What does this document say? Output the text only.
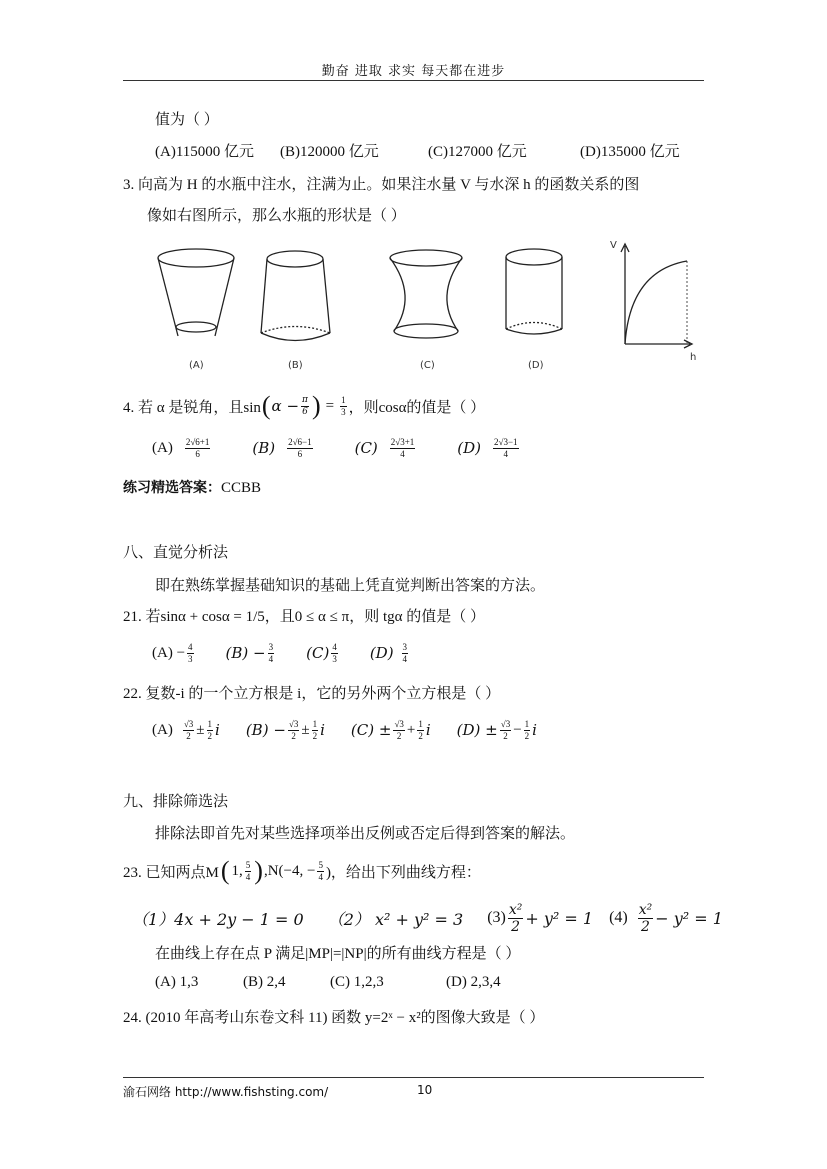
勤奋 进取 求实 每天都在进步
值为（ ）
(A)115000 亿元 (B)120000 亿元	(C)127000 亿元	(D)135000 亿元
3. 向高为 H 的水瓶中注水，注满为止。如果注水量 V 与水深 h 的函数关系的图
像如右图所示，那么水瓶的形状是（ ）
(A)	(B)	(C)	(D)
V
h
4. 若 α 是锐角，且sin ( $\alpha - \frac{\pi}{6}$ ) = $\frac{1}{3}$ ，则cosα的值是（ ）
$(A) \frac{2√6+1}{6}$	$(B) \frac{2√6-1}{6}$	$(C) \frac{2√3+1}{4}$	$(D) \frac{2√3-1}{4}$
练习精选答案：CCBB
八、直觉分析法
即在熟练掌握基础知识的基础上凭直觉判断出答案的方法。
21. 若sinα + cosα = 1/5，且0 ≤ α ≤ π，则 tgα 的值是（ ）
$(A) - \frac{4}{3} (B) - \frac{3}{4} (C) \frac{4}{3} (D) \frac{3}{4}$
22. 复数-i 的一个立方根是 i，它的另外两个立方根是（ ）
$(A) \frac{√3}{2} \pm \frac{1}{2}$ i $(B) - \frac{√3}{2} \pm \frac{1}{2}$ i $(C) \pm \frac{√3}{2} + \frac{1}{2}$ i $(D) \pm \frac{√3}{2} - \frac{1}{2}$ i
九、排除筛选法
排除法即首先对某些选择项举出反例或否定后得到答案的解法。
23. 已知两点M ( 1, $\frac{5}{4}$ ) ,N(−4, − $\frac{5}{4}$ )，给出下列曲线方程：
（1）4x + 2y − 1 = 0 （2） x² + y² = 3 $(3) \frac{\text{x²}}{2} + y^2 = 1$ $(4) \frac{\text{x²}}{2} - y^2 = 1$
在曲线上存在点 P 满足|MP|=|NP|的所有曲线方程是（ ）
(A) 1,3	(B) 2,4	(C) 1,2,3	(D) 2,3,4
24. (2010 年高考山东卷文科 11) 函数 y=2ˣ − x²的图像大致是（ ）
渝石网络 http://www.fishsting.com/	10
